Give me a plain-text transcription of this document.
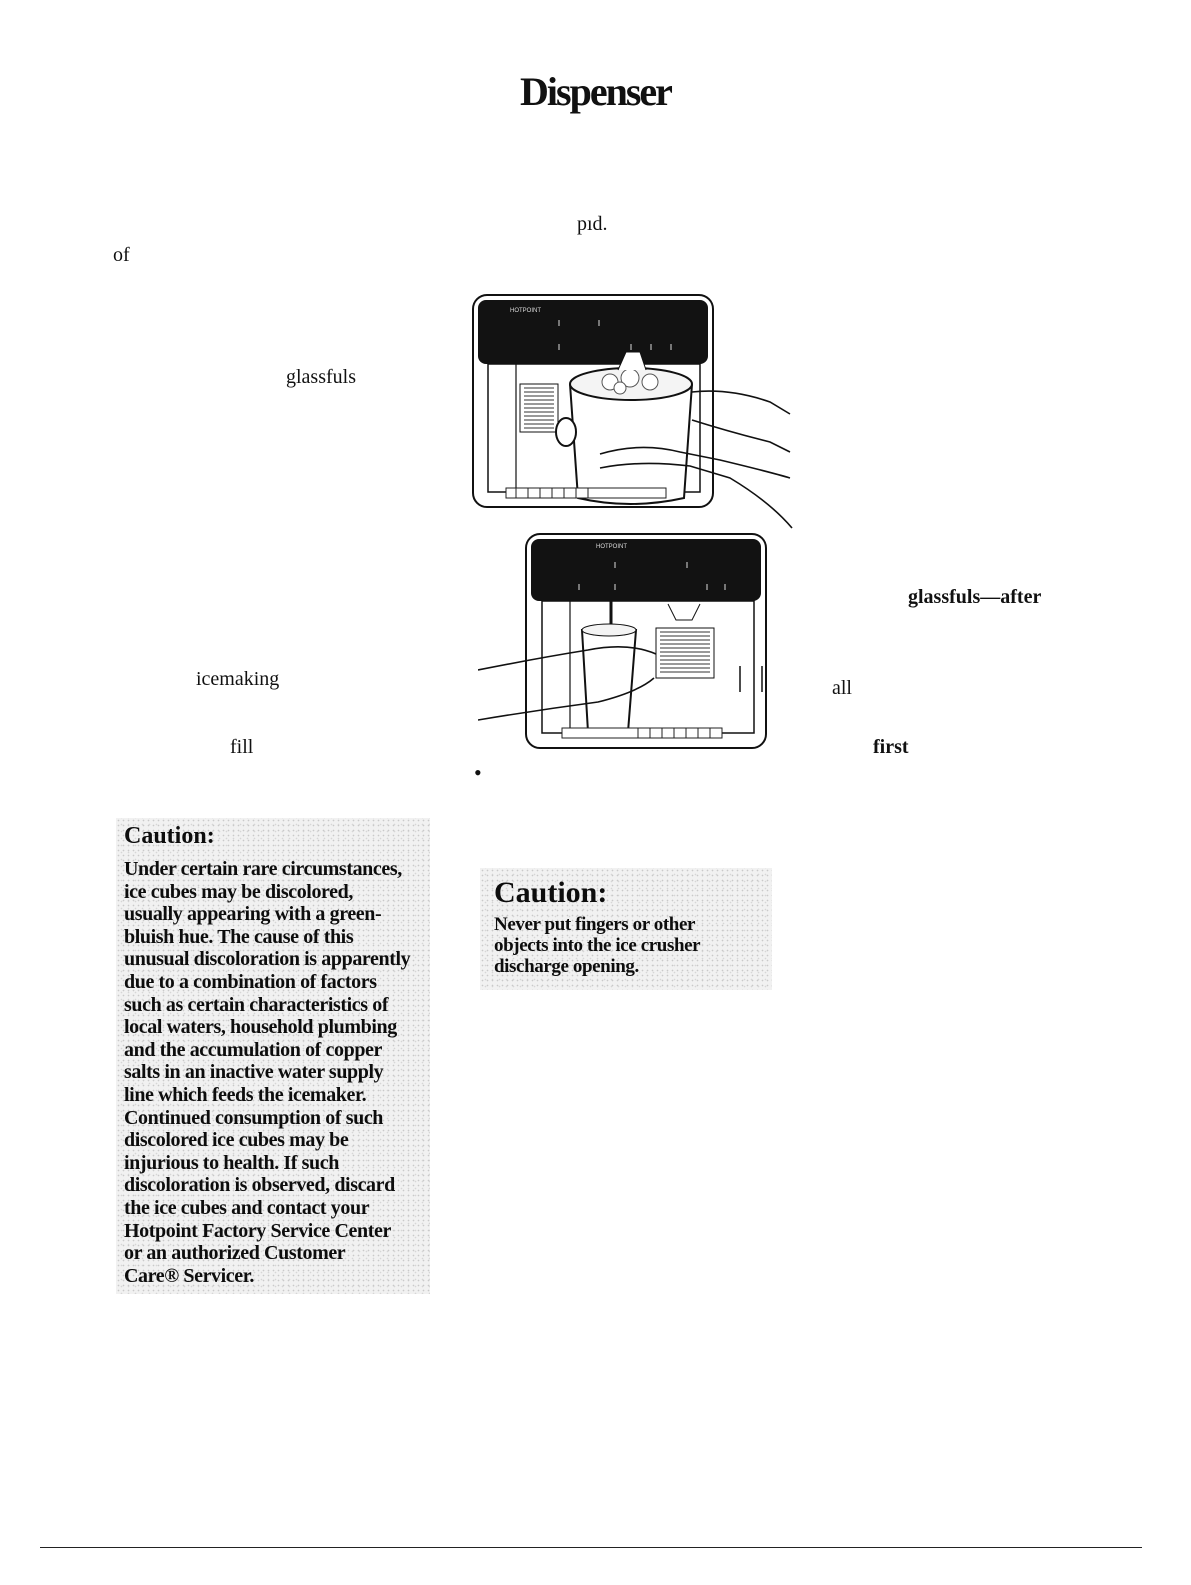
Dispenser
pıd.
of
glassfuls
icemaking
fill
glassfuls—after
all
first
•
HOTPOINT
HOTPOINT
Caution:
Under certain rare circumstances,
ice cubes may be discolored,
usually appearing with a green-
bluish hue. The cause of this
unusual discoloration is apparently
due to a combination of factors
such as certain characteristics of
local waters, household plumbing
and the accumulation of copper
salts in an inactive water supply
line which feeds the icemaker.
Continued consumption of such
discolored ice cubes may be
injurious to health. If such
discoloration is observed, discard
the ice cubes and contact your
Hotpoint Factory Service Center
or an authorized Customer
Care® Servicer.
Caution:
Never put fingers or other
objects into the ice crusher
discharge opening.
